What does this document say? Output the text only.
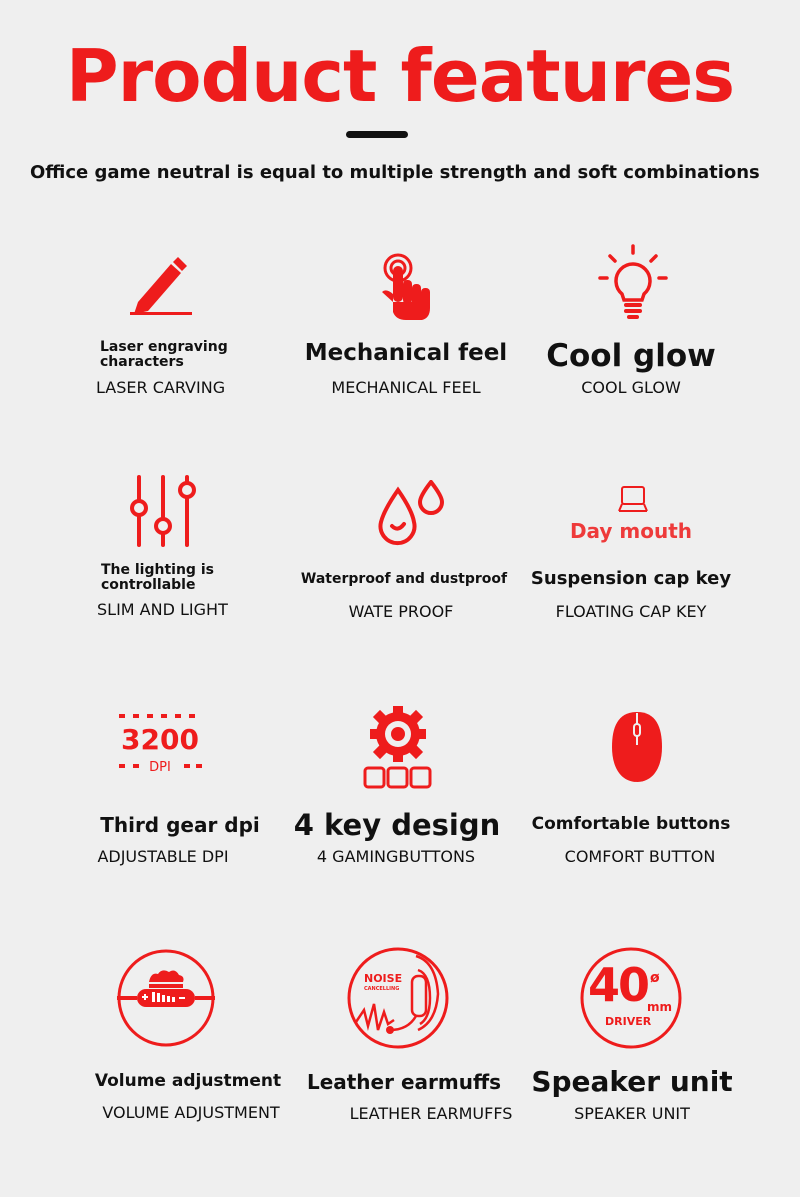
Product features
Office game neutral is equal to multiple strength and soft combinations
Laser engraving characters
LASER CARVING
Mechanical feel
MECHANICAL FEEL
Cool glow
COOL GLOW
The lighting is controllable
SLIM AND LIGHT
Waterproof and dustproof
WATE PROOF
Day mouth
Suspension cap key
FLOATING CAP KEY
3200
DPI
Third gear dpi
ADJUSTABLE DPI
4 key design
4 GAMINGBUTTONS
Comfortable buttons
COMFORT BUTTON
Volume adjustment
VOLUME ADJUSTMENT
NOISE
CANCELLING
Leather earmuffs
LEATHER EARMUFFS
40 ø
mm
DRIVER
Speaker unit
SPEAKER UNIT
